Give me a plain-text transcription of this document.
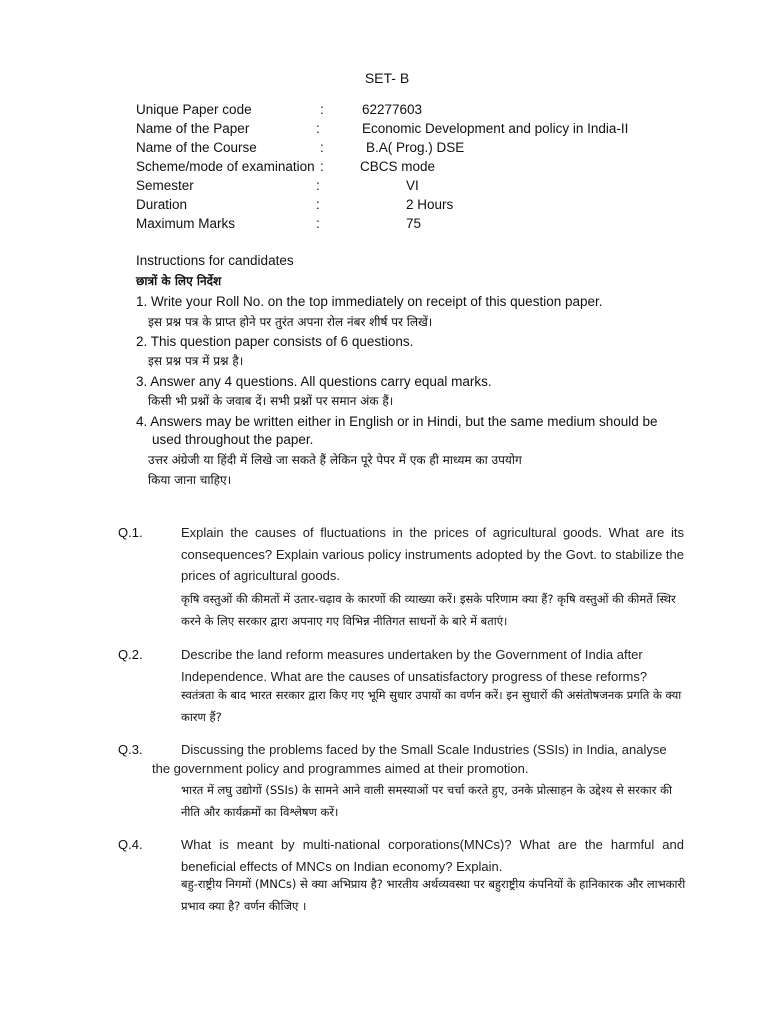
SET- B
Unique Paper code	:	62277603
Name of the Paper	:	Economic Development and policy in India-II
Name of the Course	:	B.A( Prog.) DSE
Scheme/mode of examination :	CBCS mode
Semester	:	VI
Duration	:	2 Hours
Maximum Marks	:	75
Instructions for candidates
छात्रों के लिए निर्देश
1. Write your Roll No. on the top immediately on receipt of this question paper.
इस प्रश्न पत्र के प्राप्त होने पर तुरंत अपना रोल नंबर शीर्ष पर लिखें।
2. This question paper consists of 6 questions.
इस प्रश्न पत्र में प्रश्न है।
3. Answer any 4 questions. All questions carry equal marks.
किसी भी प्रश्नों के जवाब दें। सभी प्रश्नों पर समान अंक हैं।
4. Answers may be written either in English or in Hindi, but the same medium should be
used throughout the paper.
उत्तर अंग्रेजी या हिंदी में लिखे जा सकते हैं लेकिन पूरे पेपर में एक ही माध्यम का उपयोग
किया जाना चाहिए।
Q.1.	Explain the causes of fluctuations in the prices of agricultural goods. What are its consequences? Explain various policy instruments adopted by the Govt. to stabilize the prices of agricultural goods.
कृषि वस्तुओं की कीमतों में उतार-चढ़ाव के कारणों की व्याख्या करें। इसके परिणाम क्या हैं? कृषि वस्तुओं की कीमतें स्थिर करने के लिए सरकार द्वारा अपनाए गए विभिन्न नीतिगत साधनों के बारे में बताएं।
Q.2.	Describe the land reform measures undertaken by the Government of India after Independence. What are the causes of unsatisfactory progress of these reforms?
स्वतंत्रता के बाद भारत सरकार द्वारा किए गए भूमि सुधार उपायों का वर्णन करें। इन सुधारों की असंतोषजनक प्रगति के क्या कारण हैं?
Q.3.	Discussing the problems faced by the Small Scale Industries (SSIs) in India, analyse
the government policy and programmes aimed at their promotion.
भारत में लघु उद्योगों (SSIs) के सामने आने वाली समस्याओं पर चर्चा करते हुए, उनके प्रोत्साहन के उद्देश्य से सरकार की नीति और कार्यक्रमों का विश्लेषण करें।
Q.4.	What is meant by multi-national corporations(MNCs)? What are the harmful and beneficial effects of MNCs on Indian economy? Explain.
बहु-राष्ट्रीय निगमों (MNCs) से क्या अभिप्राय है? भारतीय अर्थव्यवस्था पर बहुराष्ट्रीय कंपनियों के हानिकारक और लाभकारी प्रभाव क्या है? वर्णन कीजिए ।
